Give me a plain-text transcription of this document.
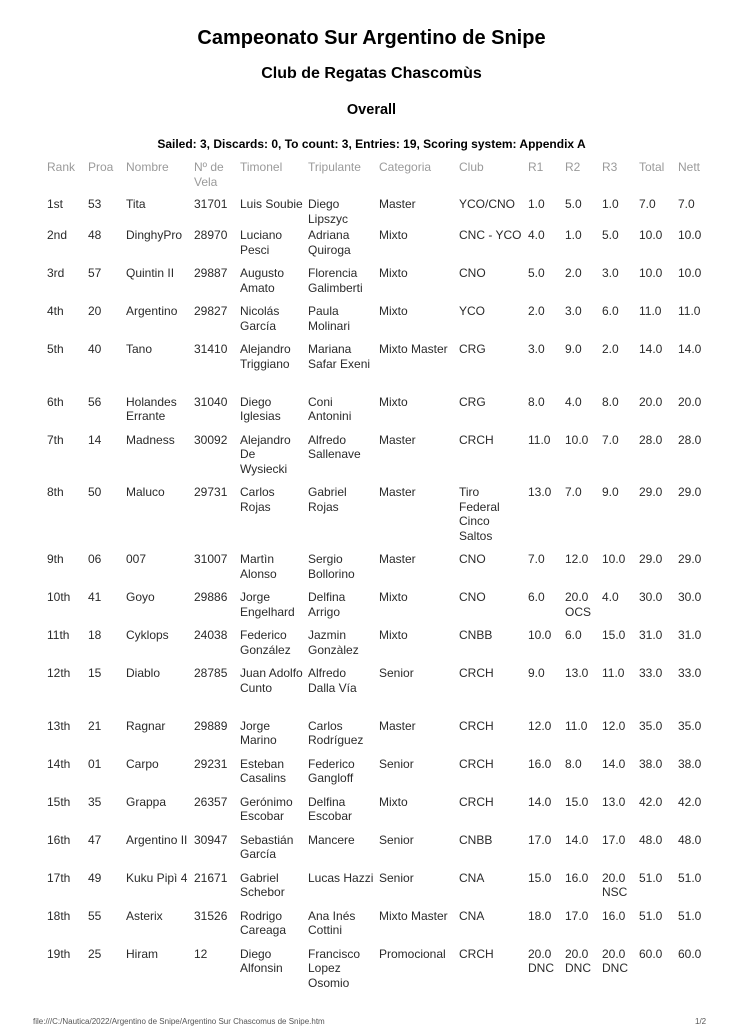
Campeonato Sur Argentino de Snipe
Club de Regatas Chascomùs
Overall
Sailed: 3, Discards: 0, To count: 3, Entries: 19, Scoring system: Appendix A
Rank	Proa	Nombre	Nº de Vela	Timonel	Tripulante	Categoria	Club	R1	R2	R3	Total	Nett
1st	53	Tita	31701	Luis Soubie	Diego Lipszyc	Master	YCO/CNO	1.0	5.0	1.0	7.0	7.0
2nd	48	DinghyPro	28970	Luciano Pesci	Adriana Quiroga	Mixto	CNC - YCO	4.0	1.0	5.0	10.0	10.0
3rd	57	Quintin II	29887	Augusto Amato	Florencia Galimberti	Mixto	CNO	5.0	2.0	3.0	10.0	10.0
4th	20	Argentino	29827	Nicolás García	Paula Molinari	Mixto	YCO	2.0	3.0	6.0	11.0	11.0
5th	40	Tano	31410	Alejandro Triggiano	Mariana Safar Exeni	Mixto Master	CRG	3.0	9.0	2.0	14.0	14.0
6th	56	Holandes Errante	31040	Diego Iglesias	Coni Antonini	Mixto	CRG	8.0	4.0	8.0	20.0	20.0
7th	14	Madness	30092	Alejandro De Wysiecki	Alfredo Sallenave	Master	CRCH	11.0	10.0	7.0	28.0	28.0
8th	50	Maluco	29731	Carlos Rojas	Gabriel Rojas	Master	Tiro Federal Cinco Saltos	13.0	7.0	9.0	29.0	29.0
9th	06	007	31007	Martìn Alonso	Sergio Bollorino	Master	CNO	7.0	12.0	10.0	29.0	29.0
10th	41	Goyo	29886	Jorge Engelhard	Delfina Arrigo	Mixto	CNO	6.0	20.0 OCS	4.0	30.0	30.0
11th	18	Cyklops	24038	Federico González	Jazmin Gonzàlez	Mixto	CNBB	10.0	6.0	15.0	31.0	31.0
12th	15	Diablo	28785	Juan Adolfo Cunto	Alfredo Dalla Vía	Senior	CRCH	9.0	13.0	11.0	33.0	33.0
13th	21	Ragnar	29889	Jorge Marino	Carlos Rodríguez	Master	CRCH	12.0	11.0	12.0	35.0	35.0
14th	01	Carpo	29231	Esteban Casalins	Federico Gangloff	Senior	CRCH	16.0	8.0	14.0	38.0	38.0
15th	35	Grappa	26357	Gerónimo Escobar	Delfina Escobar	Mixto	CRCH	14.0	15.0	13.0	42.0	42.0
16th	47	Argentino II	30947	Sebastián García	Mancere	Senior	CNBB	17.0	14.0	17.0	48.0	48.0
17th	49	Kuku Pipì 4	21671	Gabriel Schebor	Lucas Hazzi	Senior	CNA	15.0	16.0	20.0 NSC	51.0	51.0
18th	55	Asterix	31526	Rodrigo Careaga	Ana Inés Cottini	Mixto Master	CNA	18.0	17.0	16.0	51.0	51.0
19th	25	Hiram	12	Diego Alfonsin	Francisco Lopez Osomio	Promocional	CRCH	20.0 DNC	20.0 DNC	20.0 DNC	60.0	60.0
file:///C:/Nautica/2022/Argentino de Snipe/Argentino Sur Chascomus de Snipe.htm	1/2
